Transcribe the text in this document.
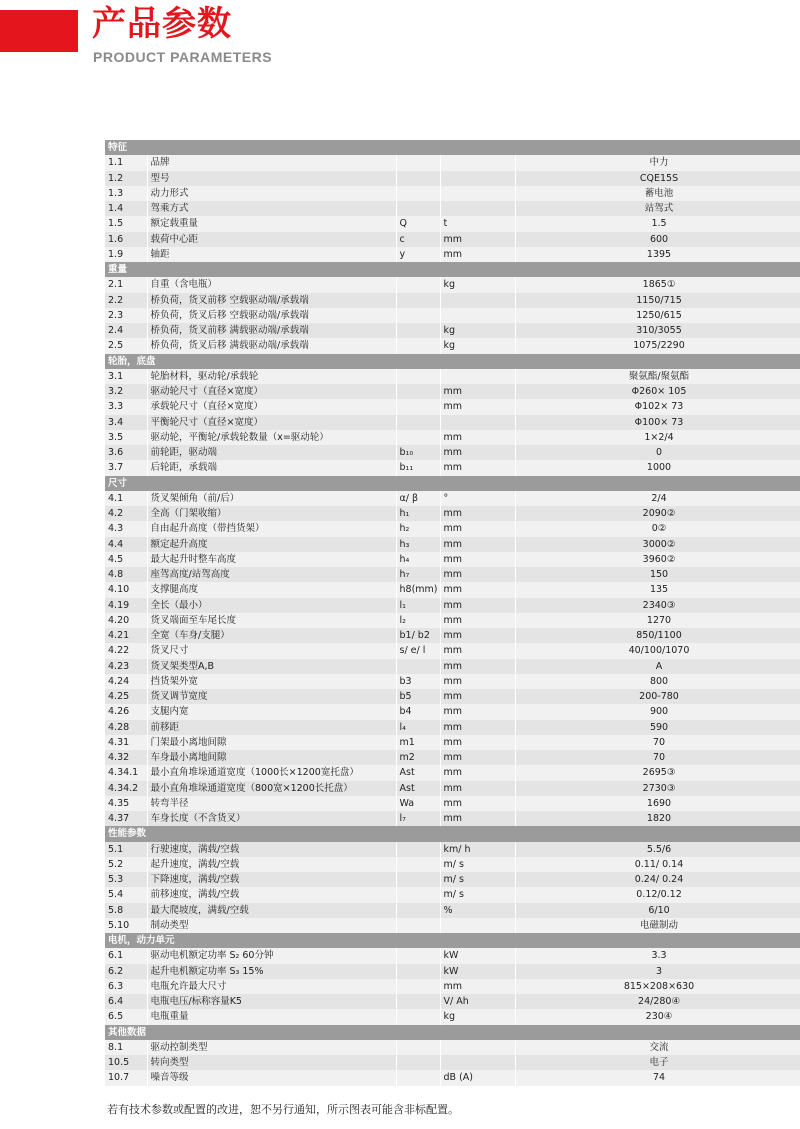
产品参数
PRODUCT PARAMETERS
特征				
1.1	品牌			中力
1.2	型号			CQE15S
1.3	动力形式			蓄电池
1.4	驾乘方式			站驾式
1.5	额定载重量	Q	t	1.5
1.6	载荷中心距	c	mm	600
1.9	轴距	y	mm	1395
重量				
2.1	自重（含电瓶）		kg	1865①
2.2	桥负荷，货叉前移 空载驱动端/承载端			1150/715
2.3	桥负荷，货叉后移 空载驱动端/承载端			1250/615
2.4	桥负荷，货叉前移 满载驱动端/承载端		kg	310/3055
2.5	桥负荷，货叉后移 满载驱动端/承载端		kg	1075/2290
轮胎，底盘				
3.1	轮胎材料，驱动轮/承载轮			聚氨酯/聚氨酯
3.2	驱动轮尺寸（直径×宽度）		mm	Φ260× 105
3.3	承载轮尺寸（直径×宽度）		mm	Φ102× 73
3.4	平衡轮尺寸（直径×宽度）			Φ100× 73
3.5	驱动轮，平衡轮/承载轮数量（x=驱动轮）		mm	1×2/4
3.6	前轮距，驱动端	b₁₀	mm	0
3.7	后轮距，承载端	b₁₁	mm	1000
尺寸				
4.1	货叉架倾角（前/后）	α/ β	°	2/4
4.2	全高（门架收缩）	h₁	mm	2090②
4.3	自由起升高度（带挡货架）	h₂	mm	0②
4.4	额定起升高度	h₃	mm	3000②
4.5	最大起升时整车高度	h₄	mm	3960②
4.8	座驾高度/站驾高度	h₇	mm	150
4.10	支撑腿高度	h8(mm)	mm	135
4.19	全长（最小）	l₁	mm	2340③
4.20	货叉端面至车尾长度	l₂	mm	1270
4.21	全宽（车身/支腿）	b1/ b2	mm	850/1100
4.22	货叉尺寸	s/ e/ l	mm	40/100/1070
4.23	货叉架类型A,B		mm	A
4.24	挡货架外宽	b3	mm	800
4.25	货叉调节宽度	b5	mm	200-780
4.26	支腿内宽	b4	mm	900
4.28	前移距	l₄	mm	590
4.31	门架最小离地间隙	m1	mm	70
4.32	车身最小离地间隙	m2	mm	70
4.34.1	最小直角堆垛通道宽度（1000长×1200宽托盘）	Ast	mm	2695③
4.34.2	最小直角堆垛通道宽度（800宽×1200长托盘）	Ast	mm	2730③
4.35	转弯半径	Wa	mm	1690
4.37	车身长度（不含货叉）	l₇	mm	1820
性能参数				
5.1	行驶速度，满载/空载		km/ h	5.5/6
5.2	起升速度，满载/空载		m/ s	0.11/ 0.14
5.3	下降速度，满载/空载		m/ s	0.24/ 0.24
5.4	前移速度，满载/空载		m/ s	0.12/0.12
5.8	最大爬坡度，满载/空载		%	6/10
5.10	制动类型			电磁制动
电机，动力单元				
6.1	驱动电机额定功率 S₂ 60分钟		kW	3.3
6.2	起升电机额定功率 S₃ 15%		kW	3
6.3	电瓶允许最大尺寸		mm	815×208×630
6.4	电瓶电压/标称容量K5		V/ Ah	24/280④
6.5	电瓶重量		kg	230④
其他数据				
8.1	驱动控制类型			交流
10.5	转向类型			电子
10.7	噪音等级		dB (A)	74
若有技术参数或配置的改进，恕不另行通知，所示图表可能含非标配置。
